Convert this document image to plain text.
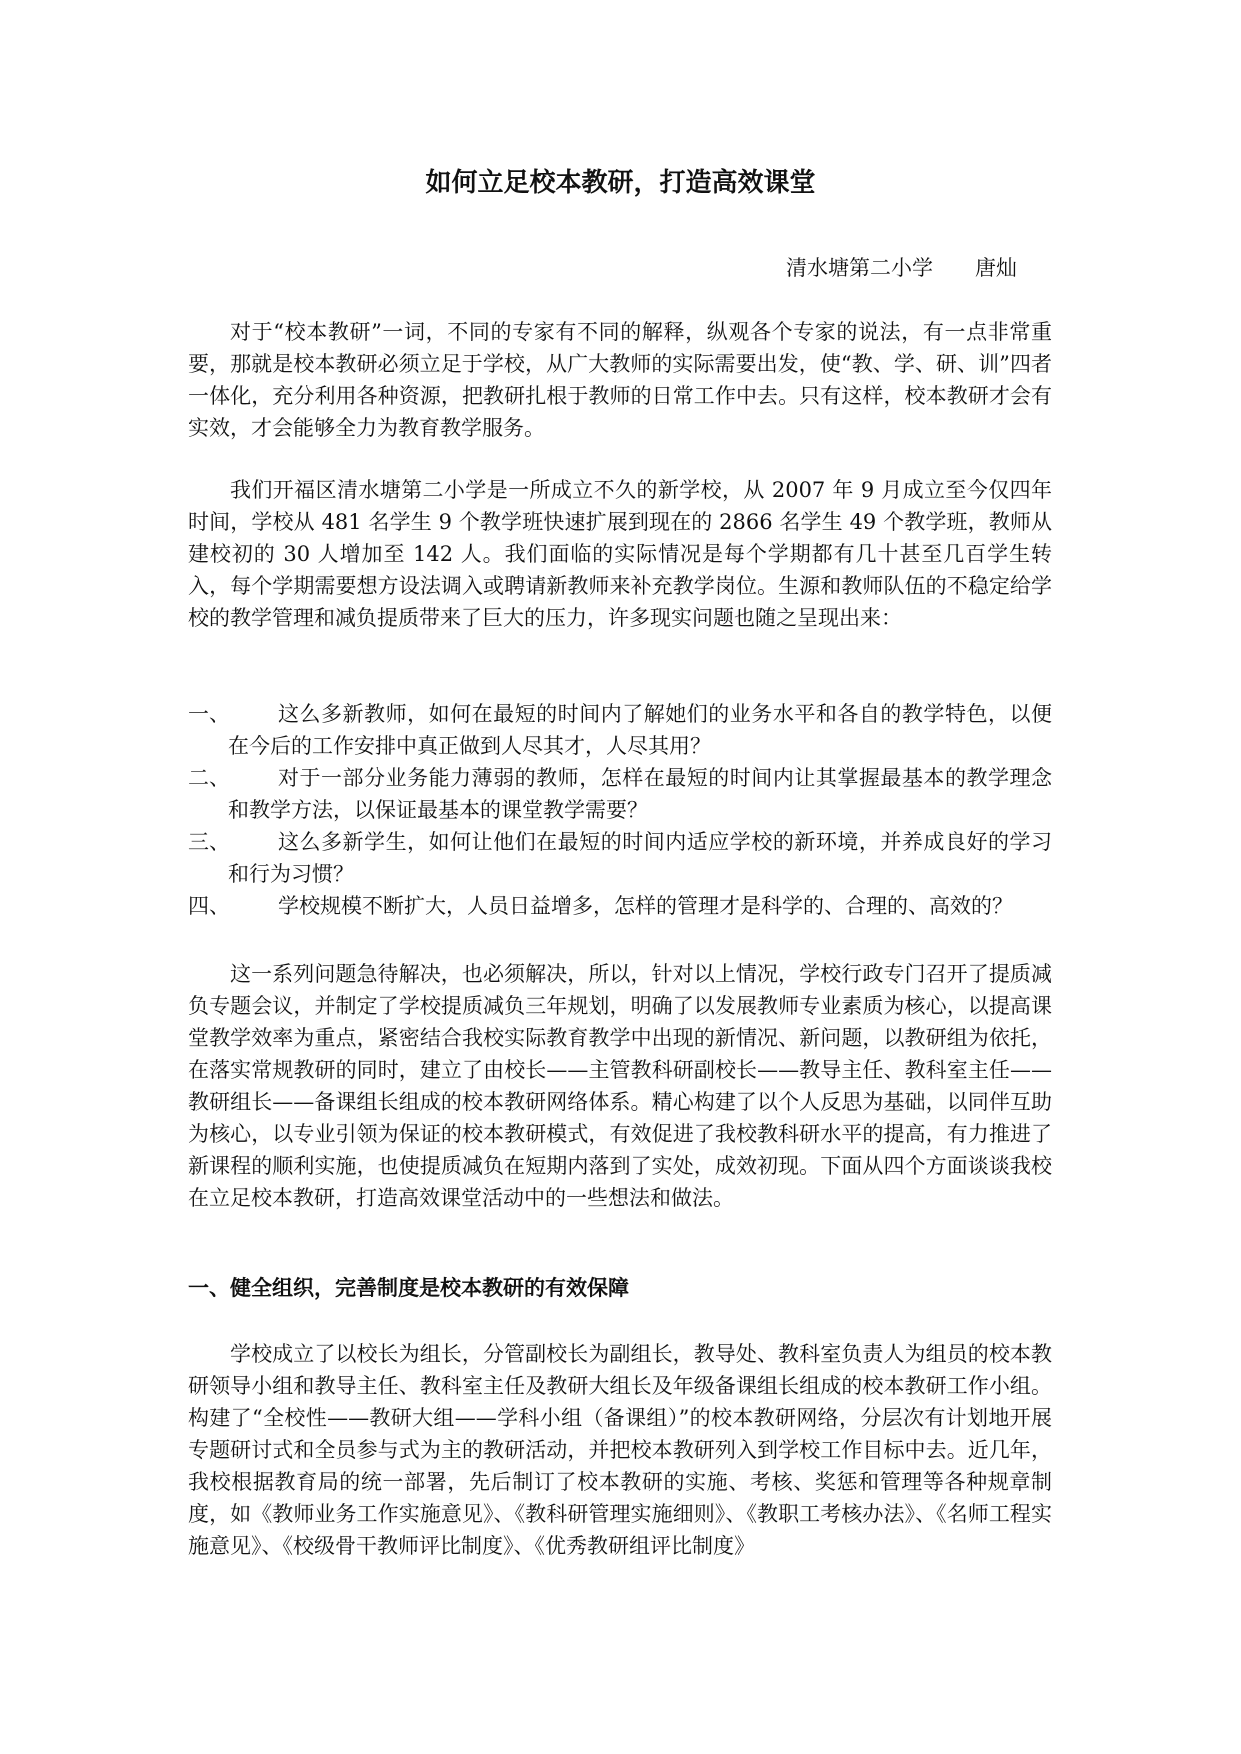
如何立足校本教研，打造高效课堂
清水塘第二小学　　唐灿

对于“校本教研”一词，不同的专家有不同的解释，纵观各个专家的说法，有一点非常重要，那就是校本教研必须立足于学校，从广大教师的实际需要出发，使“教、学、研、训”四者一体化，充分利用各种资源，把教研扎根于教师的日常工作中去。只有这样，校本教研才会有实效，才会能够全力为教育教学服务。

我们开福区清水塘第二小学是一所成立不久的新学校，从 2007 年 9 月成立至今仅四年时间，学校从 481 名学生 9 个教学班快速扩展到现在的 2866 名学生 49 个教学班，教师从建校初的 30 人增加至 142 人。我们面临的实际情况是每个学期都有几十甚至几百学生转入，每个学期需要想方设法调入或聘请新教师来补充教学岗位。生源和教师队伍的不稳定给学校的教学管理和减负提质带来了巨大的压力，许多现实问题也随之呈现出来：

一、	这么多新教师，如何在最短的时间内了解她们的业务水平和各自的教学特色，以便在今后的工作安排中真正做到人尽其才，人尽其用？
二、	对于一部分业务能力薄弱的教师，怎样在最短的时间内让其掌握最基本的教学理念和教学方法，以保证最基本的课堂教学需要？
三、	这么多新学生，如何让他们在最短的时间内适应学校的新环境，并养成良好的学习和行为习惯？
四、	学校规模不断扩大，人员日益增多，怎样的管理才是科学的、合理的、高效的？

这一系列问题急待解决，也必须解决，所以，针对以上情况，学校行政专门召开了提质减负专题会议，并制定了学校提质减负三年规划，明确了以发展教师专业素质为核心，以提高课堂教学效率为重点，紧密结合我校实际教育教学中出现的新情况、新问题，以教研组为依托，在落实常规教研的同时，建立了由校长——主管教科研副校长——教导主任、教科室主任——教研组长——备课组长组成的校本教研网络体系。精心构建了以个人反思为基础，以同伴互助为核心，以专业引领为保证的校本教研模式，有效促进了我校教科研水平的提高，有力推进了新课程的顺利实施，也使提质减负在短期内落到了实处，成效初现。下面从四个方面谈谈我校在立足校本教研，打造高效课堂活动中的一些想法和做法。

一、健全组织，完善制度是校本教研的有效保障

学校成立了以校长为组长，分管副校长为副组长，教导处、教科室负责人为组员的校本教研领导小组和教导主任、教科室主任及教研大组长及年级备课组长组成的校本教研工作小组。构建了“全校性——教研大组——学科小组（备课组）”的校本教研网络，分层次有计划地开展专题研讨式和全员参与式为主的教研活动，并把校本教研列入到学校工作目标中去。近几年，我校根据教育局的统一部署，先后制订了校本教研的实施、考核、奖惩和管理等各种规章制度，如《教师业务工作实施意见》、《教科研管理实施细则》、《教职工考核办法》、《名师工程实施意见》、《校级骨干教师评比制度》、《优秀教研组评比制度》
